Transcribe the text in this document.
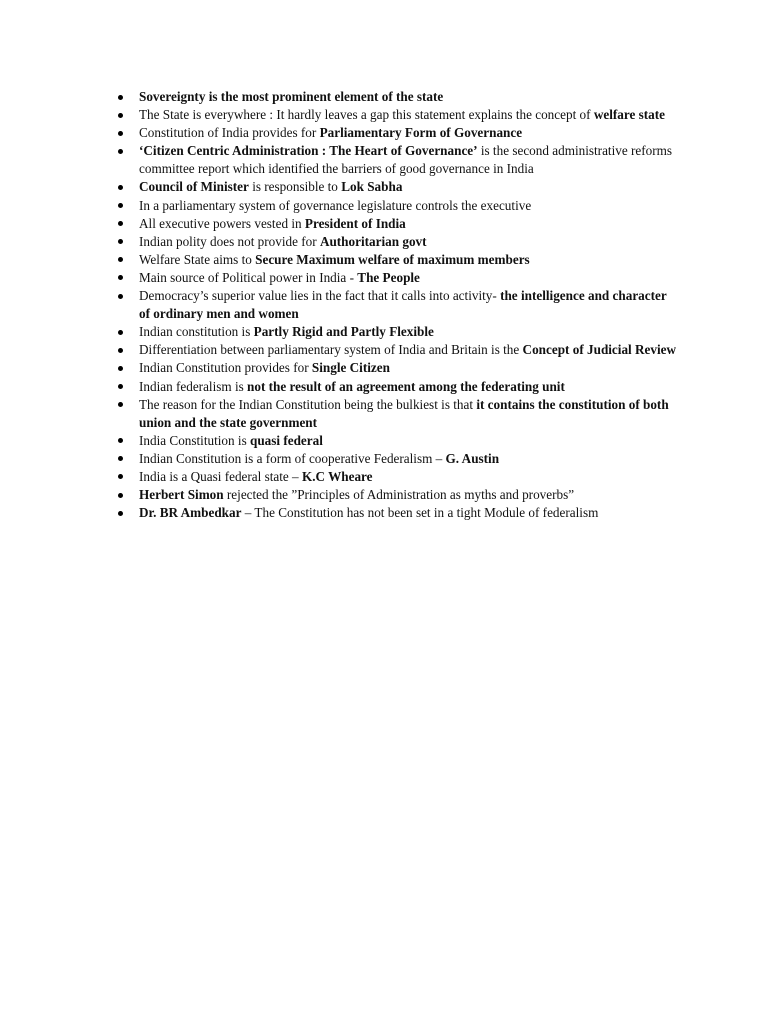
Sovereignty is the most prominent element of the state
The State is everywhere : It hardly leaves a gap this statement explains the concept of welfare state
Constitution of India provides for Parliamentary Form of Governance
‘Citizen Centric Administration : The Heart of Governance’ is the second administrative reforms committee report which identified the barriers of good governance in India
Council of Minister is responsible to Lok Sabha
In a parliamentary system of governance legislature controls the executive
All executive powers vested in President of India
Indian polity does not provide for Authoritarian govt
Welfare State aims to Secure Maximum welfare of maximum members
Main source of Political power in India - The People
Democracy’s superior value lies in the fact that it calls into activity- the intelligence and character of ordinary men and women
Indian constitution is Partly Rigid and Partly Flexible
Differentiation between parliamentary system of India and Britain is the Concept of Judicial Review
Indian Constitution provides for Single Citizen
Indian federalism is not the result of an agreement among the federating unit
The reason for the Indian Constitution being the bulkiest is that it contains the constitution of both union and the state government
India Constitution is quasi federal
Indian Constitution is a form of cooperative Federalism – G. Austin
India is a Quasi federal state – K.C Wheare
Herbert Simon rejected the ”Principles of Administration as myths and proverbs”
Dr. BR Ambedkar – The Constitution has not been set in a tight Module of federalism
